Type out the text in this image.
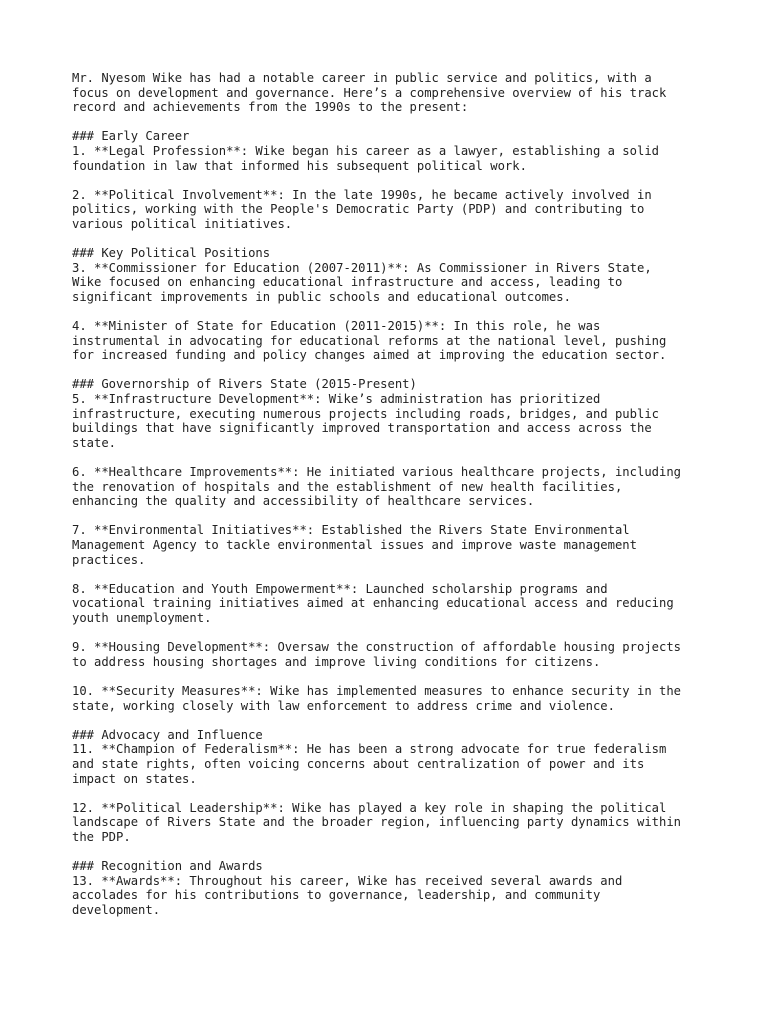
Mr. Nyesom Wike has had a notable career in public service and politics, with a
focus on development and governance. Here’s a comprehensive overview of his track
record and achievements from the 1990s to the present:
### Early Career
1. **Legal Profession**: Wike began his career as a lawyer, establishing a solid
foundation in law that informed his subsequent political work.
2. **Political Involvement**: In the late 1990s, he became actively involved in
politics, working with the People's Democratic Party (PDP) and contributing to
various political initiatives.
### Key Political Positions
3. **Commissioner for Education (2007-2011)**: As Commissioner in Rivers State,
Wike focused on enhancing educational infrastructure and access, leading to
significant improvements in public schools and educational outcomes.
4. **Minister of State for Education (2011-2015)**: In this role, he was
instrumental in advocating for educational reforms at the national level, pushing
for increased funding and policy changes aimed at improving the education sector.
### Governorship of Rivers State (2015-Present)
5. **Infrastructure Development**: Wike’s administration has prioritized
infrastructure, executing numerous projects including roads, bridges, and public
buildings that have significantly improved transportation and access across the
state.
6. **Healthcare Improvements**: He initiated various healthcare projects, including
the renovation of hospitals and the establishment of new health facilities,
enhancing the quality and accessibility of healthcare services.
7. **Environmental Initiatives**: Established the Rivers State Environmental
Management Agency to tackle environmental issues and improve waste management
practices.
8. **Education and Youth Empowerment**: Launched scholarship programs and
vocational training initiatives aimed at enhancing educational access and reducing
youth unemployment.
9. **Housing Development**: Oversaw the construction of affordable housing projects
to address housing shortages and improve living conditions for citizens.
10. **Security Measures**: Wike has implemented measures to enhance security in the
state, working closely with law enforcement to address crime and violence.
### Advocacy and Influence
11. **Champion of Federalism**: He has been a strong advocate for true federalism
and state rights, often voicing concerns about centralization of power and its
impact on states.
12. **Political Leadership**: Wike has played a key role in shaping the political
landscape of Rivers State and the broader region, influencing party dynamics within
the PDP.
### Recognition and Awards
13. **Awards**: Throughout his career, Wike has received several awards and
accolades for his contributions to governance, leadership, and community
development.
